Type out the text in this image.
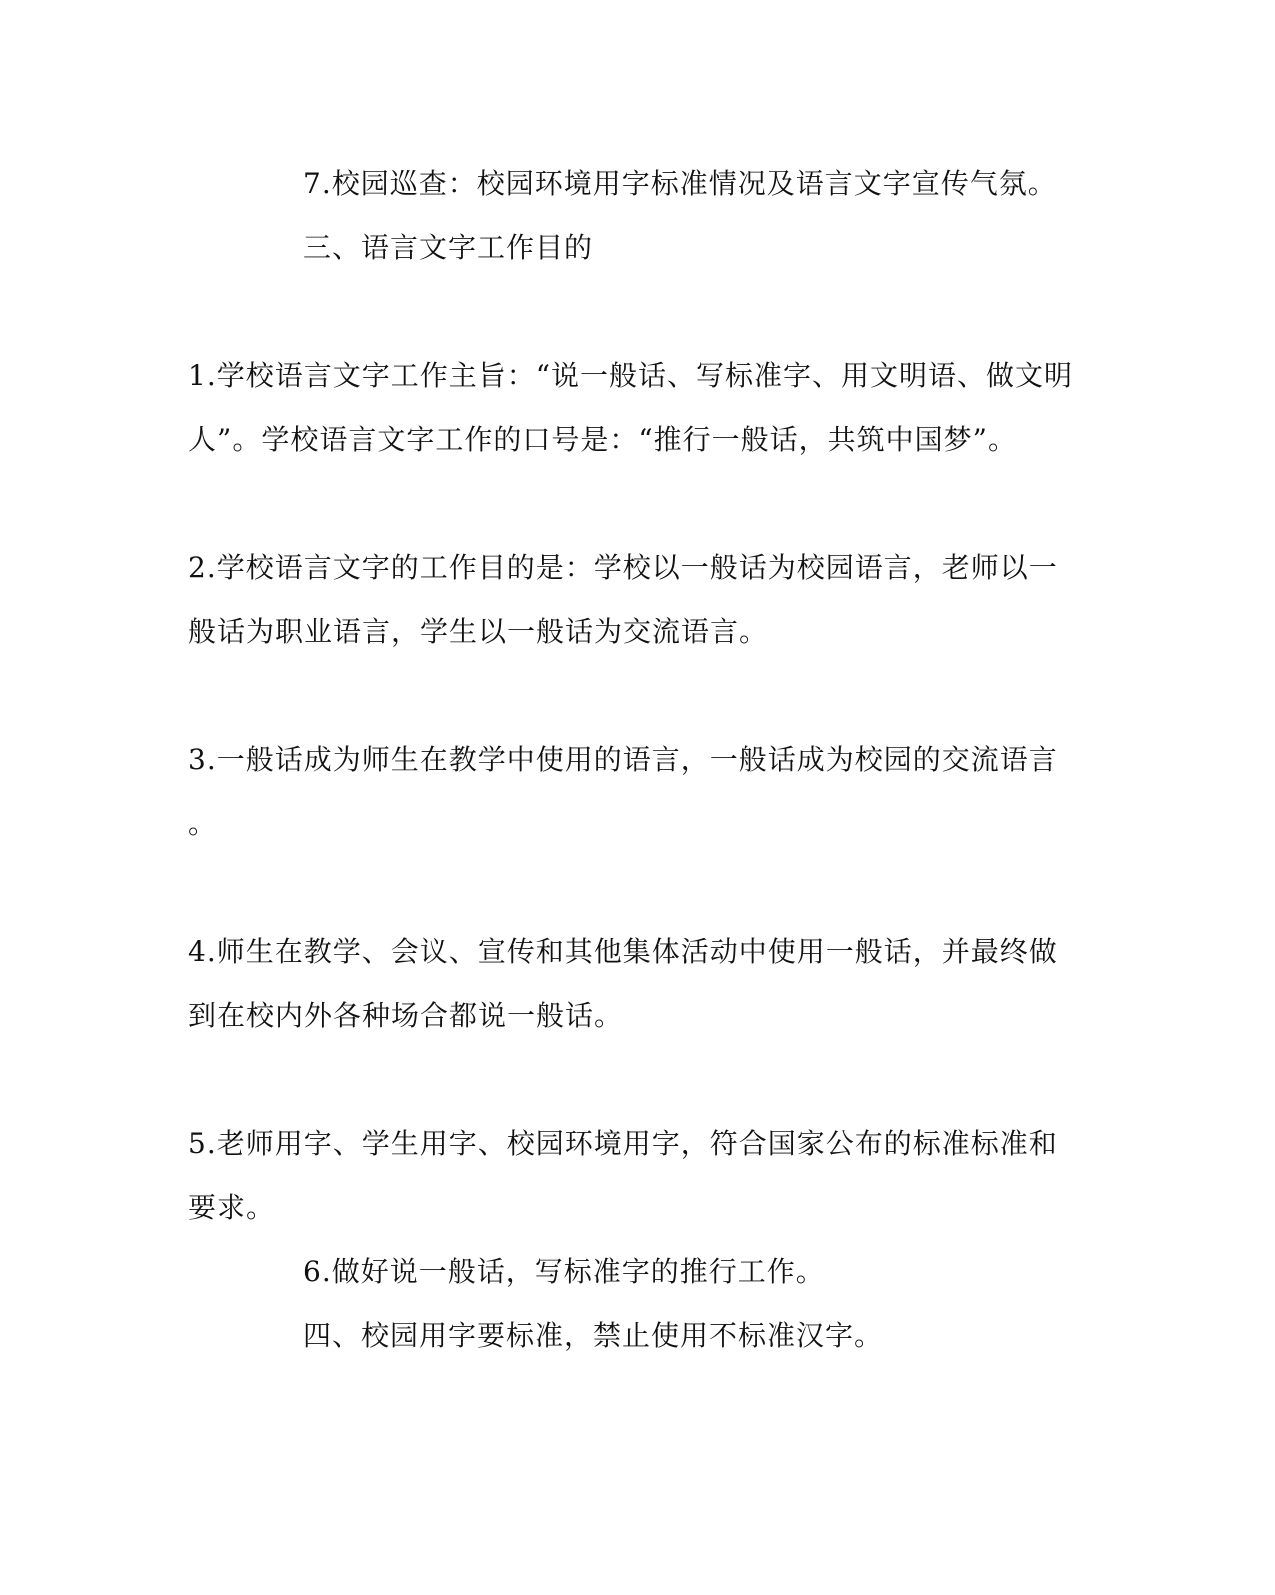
7.校园巡查：校园环境用字标准情况及语言文字宣传气氛。
三、语言文字工作目的
1.学校语言文字工作主旨：“说一般话、写标准字、用文明语、做文明
人”。学校语言文字工作的口号是：“推行一般话，共筑中国梦”。
2.学校语言文字的工作目的是：学校以一般话为校园语言，老师以一
般话为职业语言，学生以一般话为交流语言。
3.一般话成为师生在教学中使用的语言，一般话成为校园的交流语言
。
4.师生在教学、会议、宣传和其他集体活动中使用一般话，并最终做
到在校内外各种场合都说一般话。
5.老师用字、学生用字、校园环境用字，符合国家公布的标准标准和
要求。
6.做好说一般话，写标准字的推行工作。
四、校园用字要标准，禁止使用不标准汉字。
